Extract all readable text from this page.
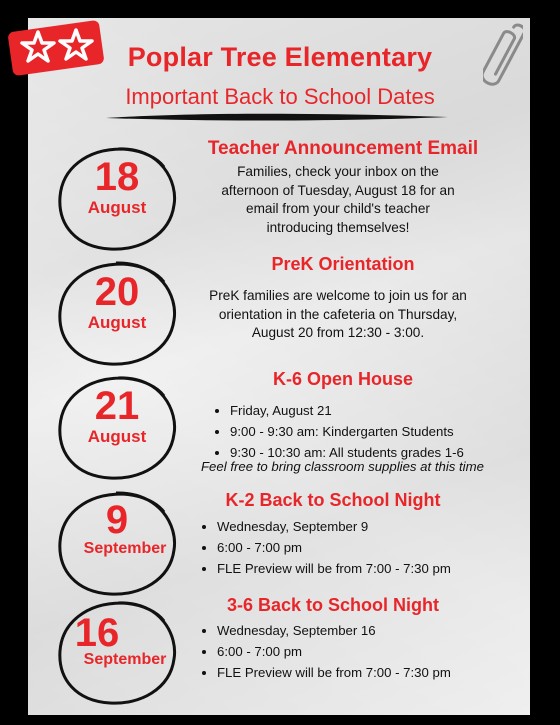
Poplar Tree Elementary
Important Back to School Dates
18
August
Teacher Announcement Email
Families, check your inbox on the
afternoon of Tuesday, August 18 for an
email from your child's teacher
introducing themselves!
20
August
PreK Orientation
PreK families are welcome to join us for an
orientation in the cafeteria on Thursday,
August 20 from 12:30 - 3:00.
21
August
K-6 Open House
• Friday, August 21
• 9:00 - 9:30 am: Kindergarten Students
• 9:30 - 10:30 am: All students grades 1-6
Feel free to bring classroom supplies at this time
9
September
K-2 Back to School Night
• Wednesday, September 9
• 6:00 - 7:00 pm
• FLE Preview will be from 7:00 - 7:30 pm
16
September
3-6 Back to School Night
• Wednesday, September 16
• 6:00 - 7:00 pm
• FLE Preview will be from 7:00 - 7:30 pm
